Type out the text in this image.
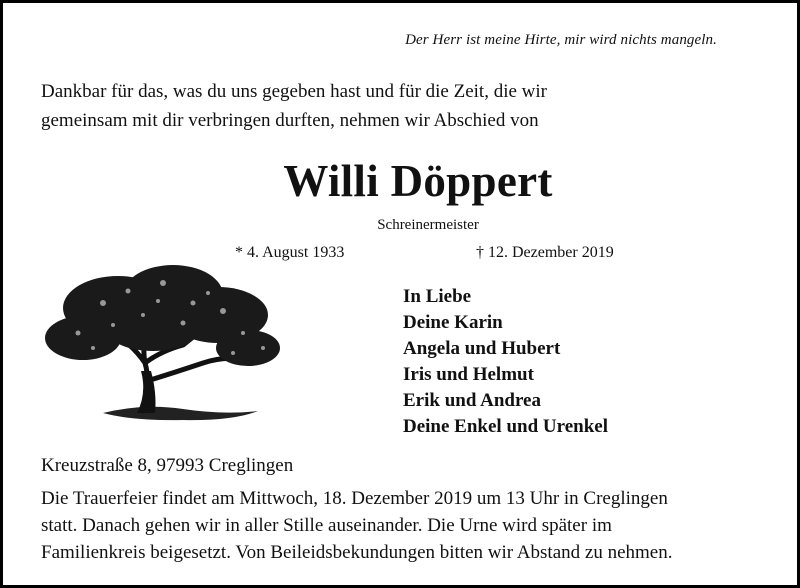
Der Herr ist meine Hirte, mir wird nichts mangeln.
Dankbar für das, was du uns gegeben hast und für die Zeit, die wir
gemeinsam mit dir verbringen durften, nehmen wir Abschied von
Willi Döppert
Schreinermeister
* 4. August 1933	† 12. Dezember 2019
In Liebe
Deine Karin
Angela und Hubert
Iris und Helmut
Erik und Andrea
Deine Enkel und Urenkel
Kreuzstraße 8, 97993 Creglingen
Die Trauerfeier findet am Mittwoch, 18. Dezember 2019 um 13 Uhr in Creglingen
statt. Danach gehen wir in aller Stille auseinander. Die Urne wird später im
Familienkreis beigesetzt. Von Beileidsbekundungen bitten wir Abstand zu nehmen.
